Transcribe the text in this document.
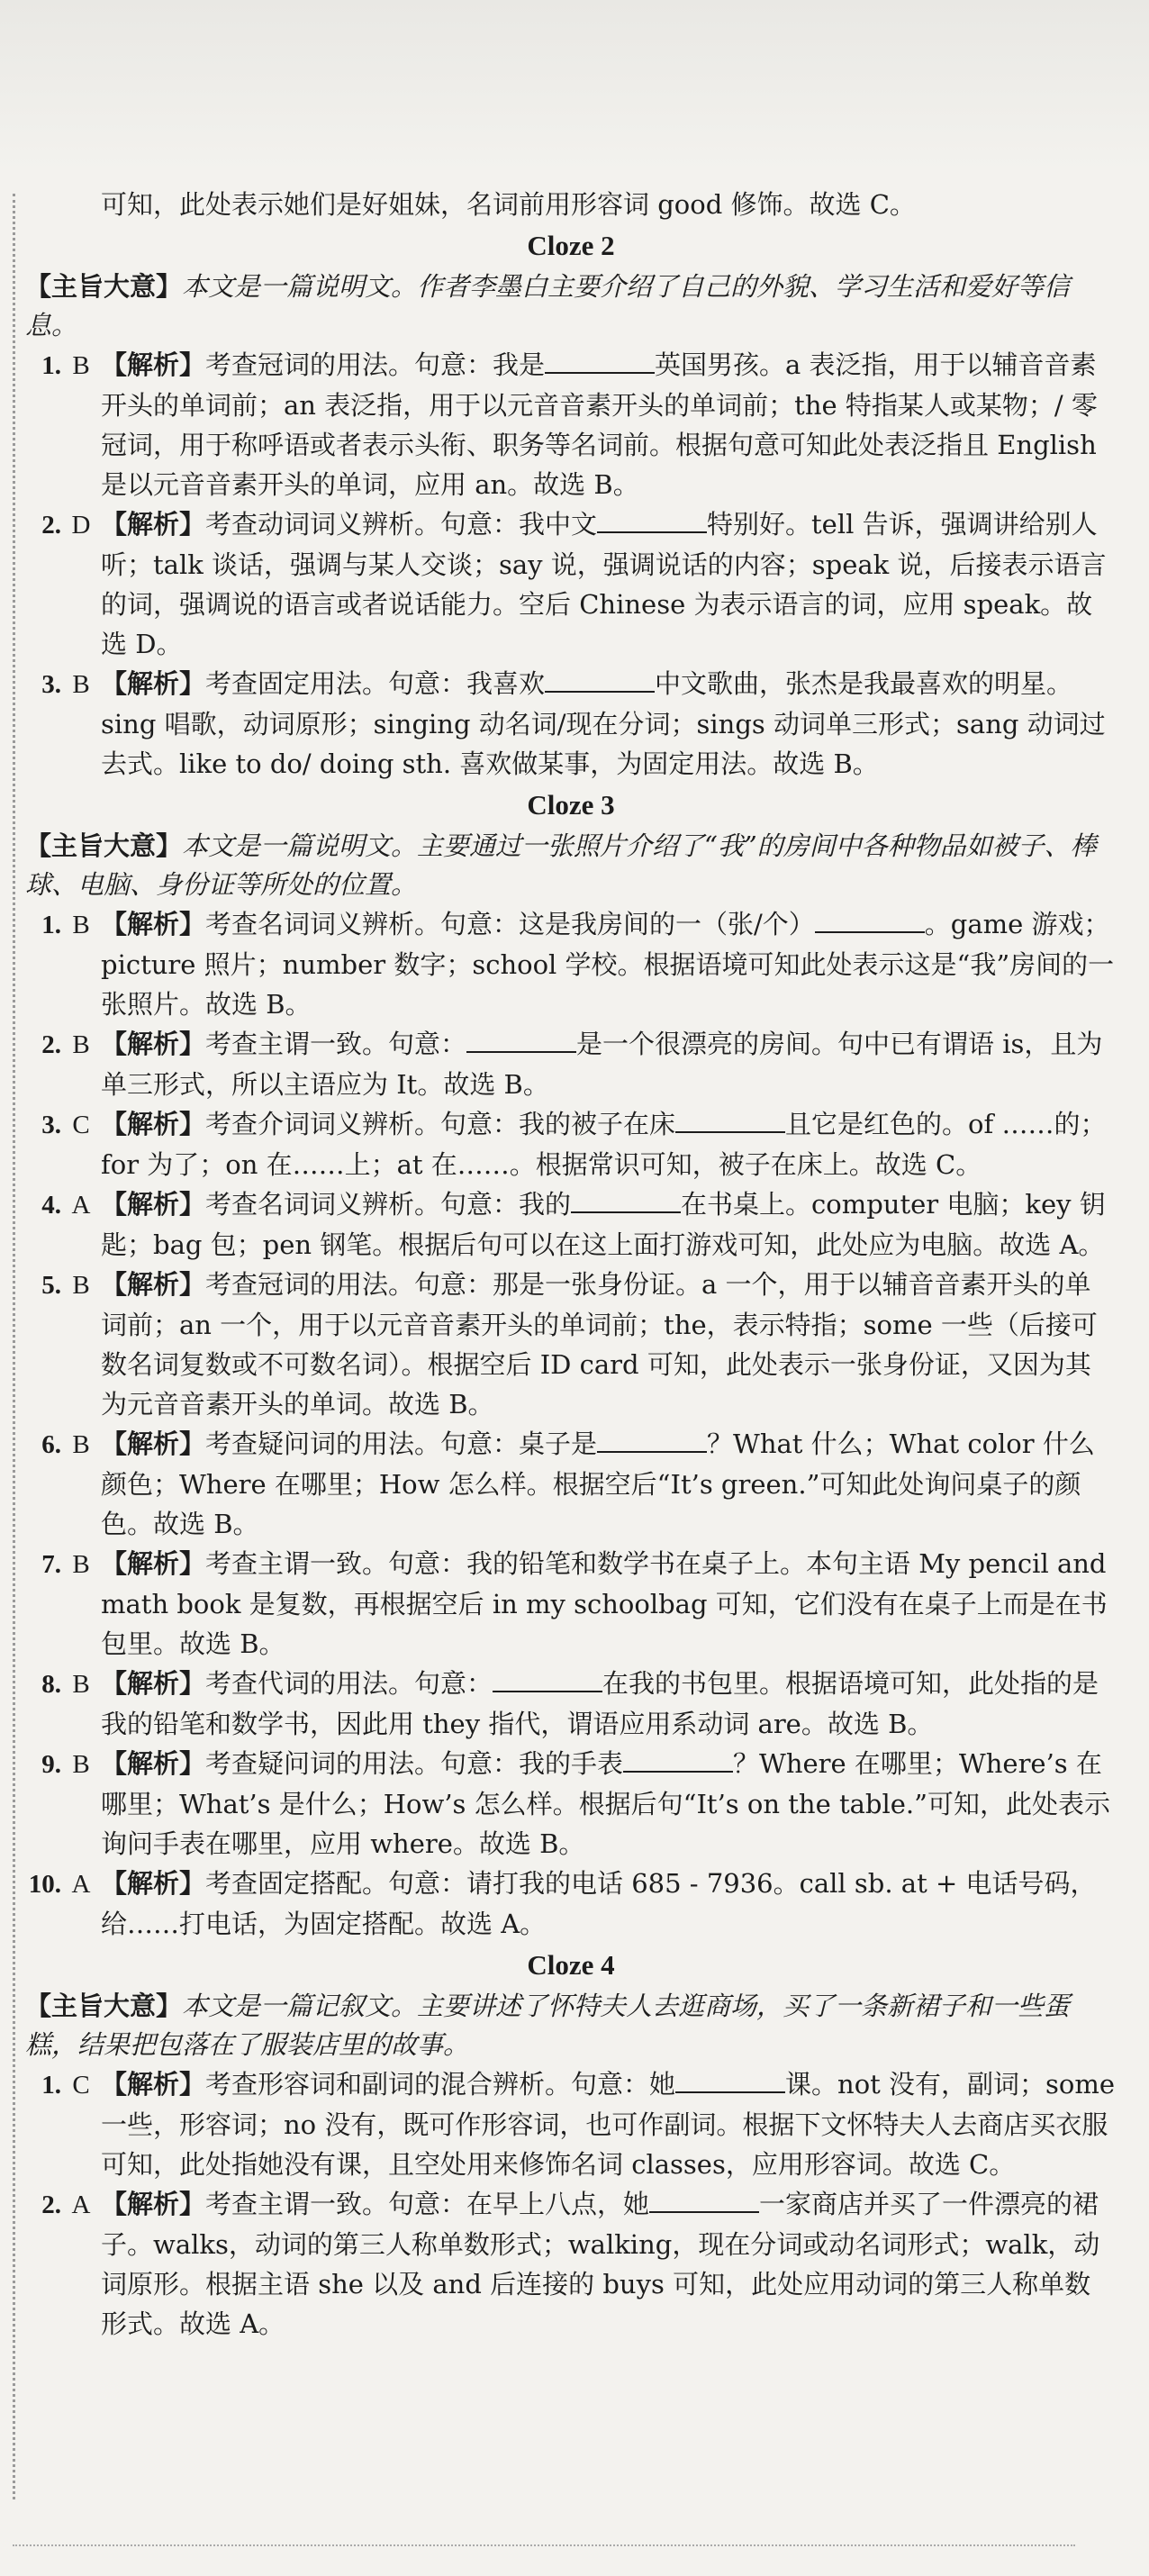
可知，此处表示她们是好姐妹，名词前用形容词 good 修饰。故选 C。

Cloze 2

【主旨大意】本文是一篇说明文。作者李墨白主要介绍了自己的外貌、学习生活和爱好等信息。

1. B 【解析】考查冠词的用法。句意：我是	英国男孩。a 表泛指，用于以辅音音素开头的单词前；an 表泛指，用于以元音音素开头的单词前；the 特指某人或某物；/ 零冠词，用于称呼语或者表示头衔、职务等名词前。根据句意可知此处表泛指且 English 是以元音音素开头的单词，应用 an。故选 B。

2. D 【解析】考查动词词义辨析。句意：我中文	特别好。tell 告诉，强调讲给别人听；talk 谈话，强调与某人交谈；say 说，强调说话的内容；speak 说，后接表示语言的词，强调说的语言或者说话能力。空后 Chinese 为表示语言的词，应用 speak。故选 D。

3. B 【解析】考查固定用法。句意：我喜欢	中文歌曲，张杰是我最喜欢的明星。sing 唱歌，动词原形；singing 动名词/现在分词；sings 动词单三形式；sang 动词过去式。like to do/ doing sth. 喜欢做某事，为固定用法。故选 B。

Cloze 3

【主旨大意】本文是一篇说明文。主要通过一张照片介绍了“我”的房间中各种物品如被子、棒球、电脑、身份证等所处的位置。

1. B 【解析】考查名词词义辨析。句意：这是我房间的一（张/个）	。game 游戏；picture 照片；number 数字；school 学校。根据语境可知此处表示这是“我”房间的一张照片。故选 B。

2. B 【解析】考查主谓一致。句意：	是一个很漂亮的房间。句中已有谓语 is，且为单三形式，所以主语应为 It。故选 B。

3. C 【解析】考查介词词义辨析。句意：我的被子在床	且它是红色的。of ……的；for 为了；on 在……上；at 在……。根据常识可知，被子在床上。故选 C。

4. A 【解析】考查名词词义辨析。句意：我的	在书桌上。computer 电脑；key 钥匙；bag 包；pen 钢笔。根据后句可以在这上面打游戏可知，此处应为电脑。故选 A。

5. B 【解析】考查冠词的用法。句意：那是一张身份证。a 一个，用于以辅音音素开头的单词前；an 一个，用于以元音音素开头的单词前；the，表示特指；some 一些（后接可数名词复数或不可数名词）。根据空后 ID card 可知，此处表示一张身份证，又因为其为元音音素开头的单词。故选 B。

6. B 【解析】考查疑问词的用法。句意：桌子是	？What 什么；What color 什么颜色；Where 在哪里；How 怎么样。根据空后“It’s green.”可知此处询问桌子的颜色。故选 B。

7. B 【解析】考查主谓一致。句意：我的铅笔和数学书在桌子上。本句主语 My pencil and math book 是复数，再根据空后 in my schoolbag 可知，它们没有在桌子上而是在书包里。故选 B。

8. B 【解析】考查代词的用法。句意：	在我的书包里。根据语境可知，此处指的是我的铅笔和数学书，因此用 they 指代，谓语应用系动词 are。故选 B。

9. B 【解析】考查疑问词的用法。句意：我的手表	？Where 在哪里；Where’s 在哪里；What’s 是什么；How’s 怎么样。根据后句“It’s on the table.”可知，此处表示询问手表在哪里，应用 where。故选 B。

10. A 【解析】考查固定搭配。句意：请打我的电话 685 - 7936。call sb. at + 电话号码，给……打电话，为固定搭配。故选 A。

Cloze 4

【主旨大意】本文是一篇记叙文。主要讲述了怀特夫人去逛商场，买了一条新裙子和一些蛋糕，结果把包落在了服装店里的故事。

1. C 【解析】考查形容词和副词的混合辨析。句意：她	课。not 没有，副词；some 一些，形容词；no 没有，既可作形容词，也可作副词。根据下文怀特夫人去商店买衣服可知，此处指她没有课，且空处用来修饰名词 classes，应用形容词。故选 C。

2. A 【解析】考查主谓一致。句意：在早上八点，她	一家商店并买了一件漂亮的裙子。walks，动词的第三人称单数形式；walking，现在分词或动名词形式；walk，动词原形。根据主语 she 以及 and 后连接的 buys 可知，此处应用动词的第三人称单数形式。故选 A。
